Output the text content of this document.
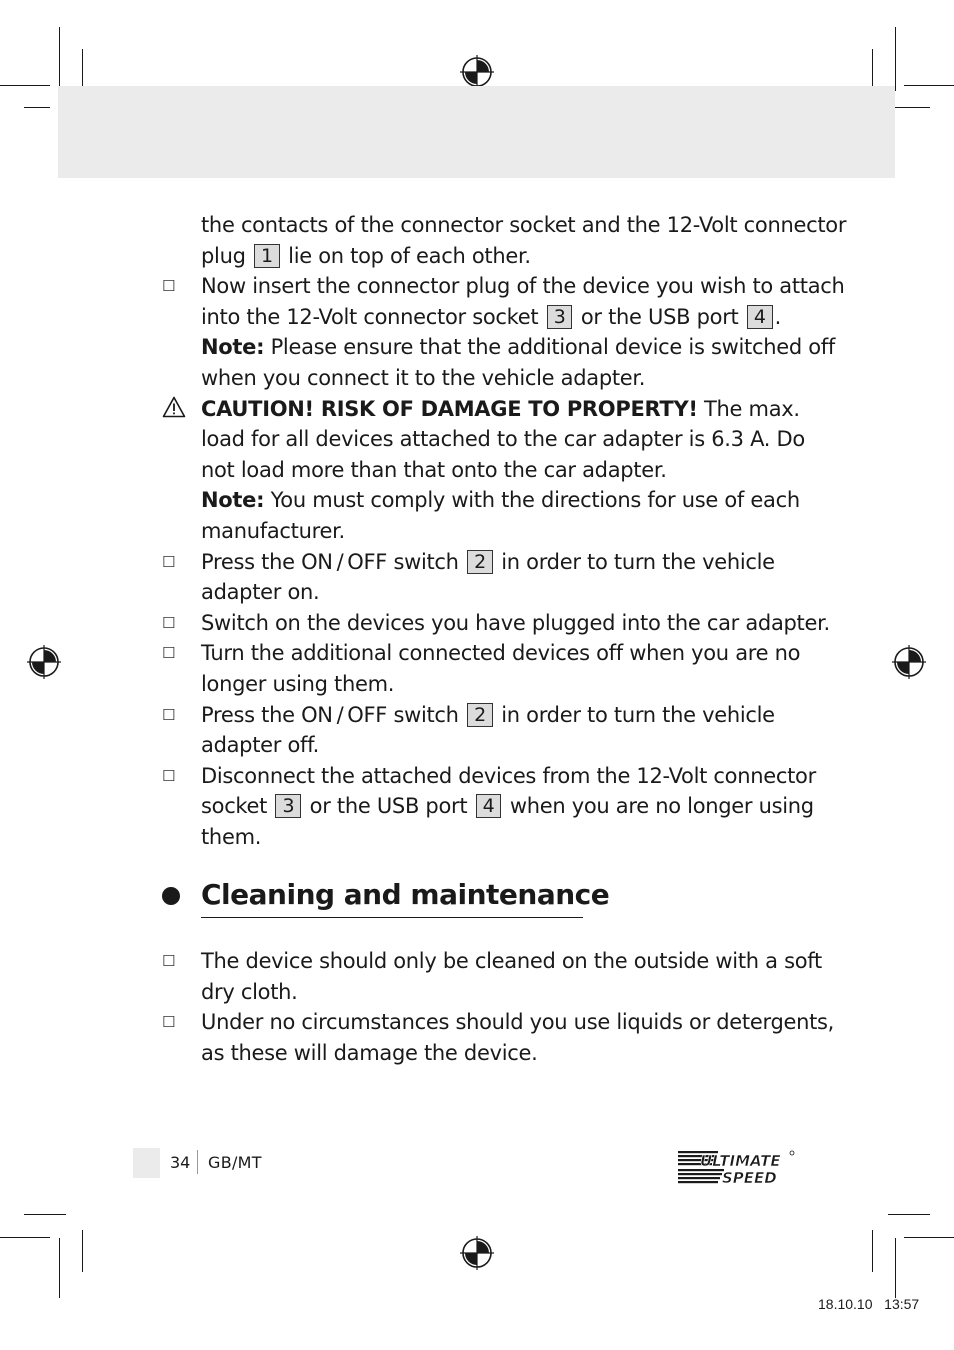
the contacts of the connector socket and the 12-Volt connector
plug 1 lie on top of each other.
☐ Now insert the connector plug of the device you wish to attach
into the 12-Volt connector socket 3 or the USB port 4 .
Note: Please ensure that the additional device is switched off
when you connect it to the vehicle adapter.
CAUTION! RISK OF DAMAGE TO PROPERTY! The max.
load for all devices attached to the car adapter is 6.3 A. Do
not load more than that onto the car adapter.
Note: You must comply with the directions for use of each
manufacturer.
☐ Press the ON / OFF switch 2 in order to turn the vehicle
adapter on.
☐ Switch on the devices you have plugged into the car adapter.
☐ Turn the additional connected devices off when you are no
longer using them.
☐ Press the ON / OFF switch 2 in order to turn the vehicle
adapter off.
☐ Disconnect the attached devices from the 12-Volt connector
socket 3 or the USB port 4 when you are no longer using
them.
Cleaning and maintenance
☐ The device should only be cleaned on the outside with a soft
dry cloth.
☐ Under no circumstances should you use liquids or detergents,
as these will damage the device.
34 GB/MT	ULTIMATE
SPEED
18.10.10   13:57
